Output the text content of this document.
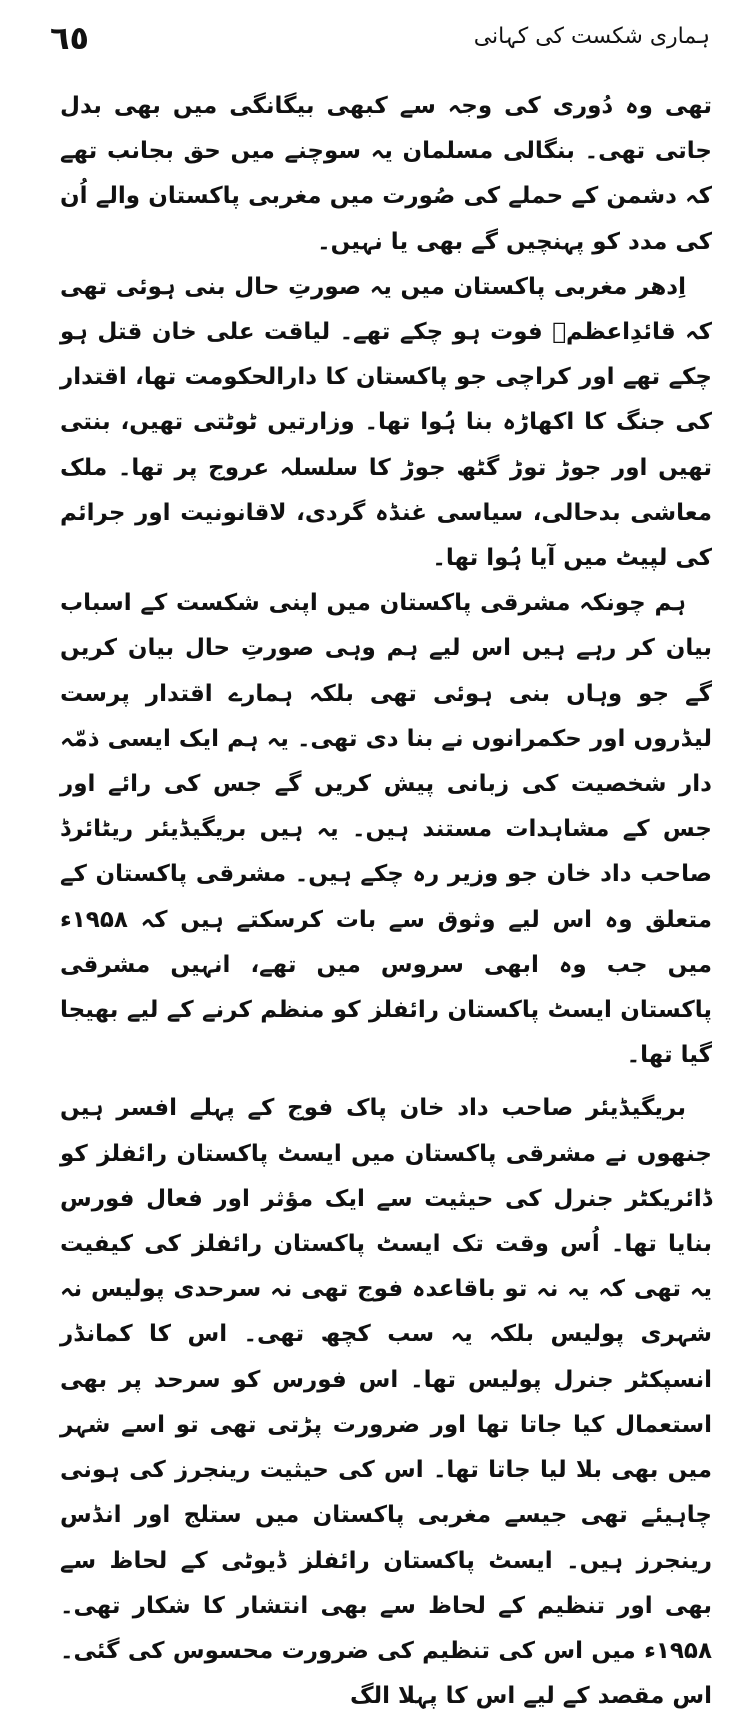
٦٥	ہماری شکست کی کہانی

تھی وہ دُوری کی وجہ سے کبھی بیگانگی میں بھی بدل جاتی تھی۔ بنگالی مسلمان یہ سوچنے میں حق بجانب تھے کہ دشمن کے حملے کی صُورت میں مغربی پاکستان والے اُن کی مدد کو پہنچیں گے بھی یا نہیں۔

اِدھر مغربی پاکستان میں یہ صورتِ حال بنی ہوئی تھی کہ قائدِاعظمؒ فوت ہو چکے تھے۔ لیاقت علی خان قتل ہو چکے تھے اور کراچی جو پاکستان کا دارالحکومت تھا، اقتدار کی جنگ کا اکھاڑہ بنا ہُوا تھا۔ وزارتیں ٹوٹتی تھیں، بنتی تھیں اور جوڑ توڑ گٹھ جوڑ کا سلسلہ عروج پر تھا۔ ملک معاشی بدحالی، سیاسی غنڈہ گردی، لاقانونیت اور جرائم کی لپیٹ میں آیا ہُوا تھا۔

ہم چونکہ مشرقی پاکستان میں اپنی شکست کے اسباب بیان کر رہے ہیں اس لیے ہم وہی صورتِ حال بیان کریں گے جو وہاں بنی ہوئی تھی بلکہ ہمارے اقتدار پرست لیڈروں اور حکمرانوں نے بنا دی تھی۔ یہ ہم ایک ایسی ذمّہ دار شخصیت کی زبانی پیش کریں گے جس کی رائے اور جس کے مشاہدات مستند ہیں۔ یہ ہیں بریگیڈیئر ریٹائرڈ صاحب داد خان جو وزیر رہ چکے ہیں۔ مشرقی پاکستان کے متعلق وہ اس لیے وثوق سے بات کرسکتے ہیں کہ ۱۹۵۸ء میں جب وہ ابھی سروس میں تھے، انہیں مشرقی پاکستان ایسٹ پاکستان رائفلز کو منظم کرنے کے لیے بھیجا گیا تھا۔

بریگیڈیئر صاحب داد خان پاک فوج کے پہلے افسر ہیں جنھوں نے مشرقی پاکستان میں ایسٹ پاکستان رائفلز کو ڈائریکٹر جنرل کی حیثیت سے ایک مؤثر اور فعال فورس بنایا تھا۔ اُس وقت تک ایسٹ پاکستان رائفلز کی کیفیت یہ تھی کہ یہ نہ تو باقاعدہ فوج تھی نہ سرحدی پولیس نہ شہری پولیس بلکہ یہ سب کچھ تھی۔ اس کا کمانڈر انسپکٹر جنرل پولیس تھا۔ اس فورس کو سرحد پر بھی استعمال کیا جاتا تھا اور ضرورت پڑتی تھی تو اسے شہر میں بھی بلا لیا جاتا تھا۔ اس کی حیثیت رینجرز کی ہونی چاہیئے تھی جیسے مغربی پاکستان میں ستلج اور انڈس رینجرز ہیں۔ ایسٹ پاکستان رائفلز ڈیوٹی کے لحاظ سے بھی اور تنظیم کے لحاظ سے بھی انتشار کا شکار تھی۔ ۱۹۵۸ء میں اس کی تنظیم کی ضرورت محسوس کی گئی۔ اس مقصد کے لیے اس کا پہلا الگ
